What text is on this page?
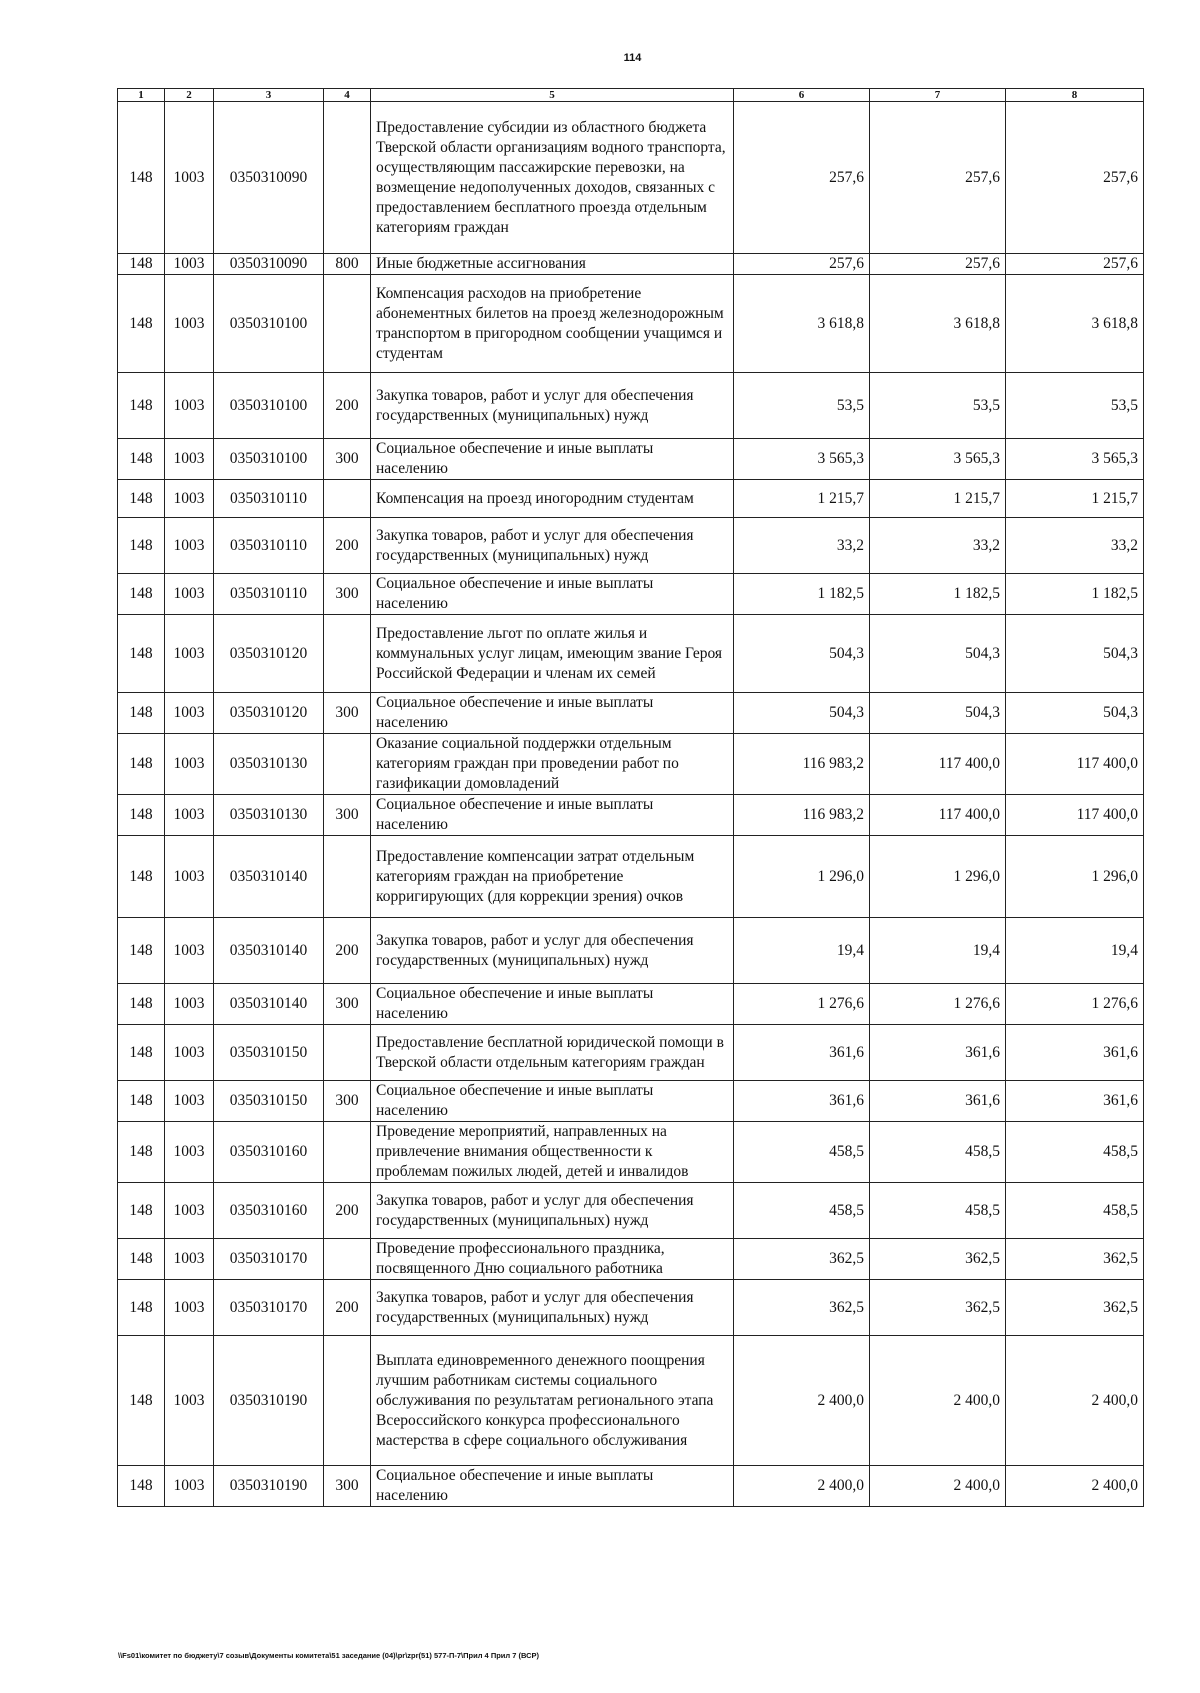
114
1	2	3	4	5	6	7	8
148	1003	0350310090		Предоставление субсидии из областного бюджета Тверской области организациям водного транспорта, осуществляющим пассажирские перевозки, на возмещение недополученных доходов, связанных с предоставлением бесплатного проезда отдельным категориям граждан	257,6	257,6	257,6
148	1003	0350310090	800	Иные бюджетные ассигнования	257,6	257,6	257,6
148	1003	0350310100		Компенсация расходов на приобретение абонементных билетов на проезд железнодорожным транспортом в пригородном сообщении учащимся и студентам	3 618,8	3 618,8	3 618,8
148	1003	0350310100	200	Закупка товаров, работ и услуг для обеспечения государственных (муниципальных) нужд	53,5	53,5	53,5
148	1003	0350310100	300	Социальное обеспечение и иные выплаты населению	3 565,3	3 565,3	3 565,3
148	1003	0350310110		Компенсация на проезд иногородним студентам	1 215,7	1 215,7	1 215,7
148	1003	0350310110	200	Закупка товаров, работ и услуг для обеспечения государственных (муниципальных) нужд	33,2	33,2	33,2
148	1003	0350310110	300	Социальное обеспечение и иные выплаты населению	1 182,5	1 182,5	1 182,5
148	1003	0350310120		Предоставление льгот по оплате жилья и коммунальных услуг лицам, имеющим звание Героя Российской Федерации и членам их семей	504,3	504,3	504,3
148	1003	0350310120	300	Социальное обеспечение и иные выплаты населению	504,3	504,3	504,3
148	1003	0350310130		Оказание социальной поддержки отдельным категориям граждан при проведении работ по газификации домовладений	116 983,2	117 400,0	117 400,0
148	1003	0350310130	300	Социальное обеспечение и иные выплаты населению	116 983,2	117 400,0	117 400,0
148	1003	0350310140		Предоставление компенсации затрат отдельным категориям граждан на приобретение корригирующих (для коррекции зрения) очков	1 296,0	1 296,0	1 296,0
148	1003	0350310140	200	Закупка товаров, работ и услуг для обеспечения государственных (муниципальных) нужд	19,4	19,4	19,4
148	1003	0350310140	300	Социальное обеспечение и иные выплаты населению	1 276,6	1 276,6	1 276,6
148	1003	0350310150		Предоставление бесплатной юридической помощи в Тверской области отдельным категориям граждан	361,6	361,6	361,6
148	1003	0350310150	300	Социальное обеспечение и иные выплаты населению	361,6	361,6	361,6
148	1003	0350310160		Проведение мероприятий, направленных на привлечение внимания общественности к проблемам пожилых людей, детей и инвалидов	458,5	458,5	458,5
148	1003	0350310160	200	Закупка товаров, работ и услуг для обеспечения государственных (муниципальных) нужд	458,5	458,5	458,5
148	1003	0350310170		Проведение профессионального праздника, посвященного Дню социального работника	362,5	362,5	362,5
148	1003	0350310170	200	Закупка товаров, работ и услуг для обеспечения государственных (муниципальных) нужд	362,5	362,5	362,5
148	1003	0350310190		Выплата единовременного денежного поощрения лучшим работникам системы социального обслуживания по результатам регионального этапа Всероссийского конкурса профессионального мастерства в сфере социального обслуживания	2 400,0	2 400,0	2 400,0
148	1003	0350310190	300	Социальное обеспечение и иные выплаты населению	2 400,0	2 400,0	2 400,0
\\Fs01\комитет по бюджету\7 созыв\Документы комитета\51 заседание (04)\pr\zpr(51) 577-П-7\Прил 4 Прил 7 (ВСР)
